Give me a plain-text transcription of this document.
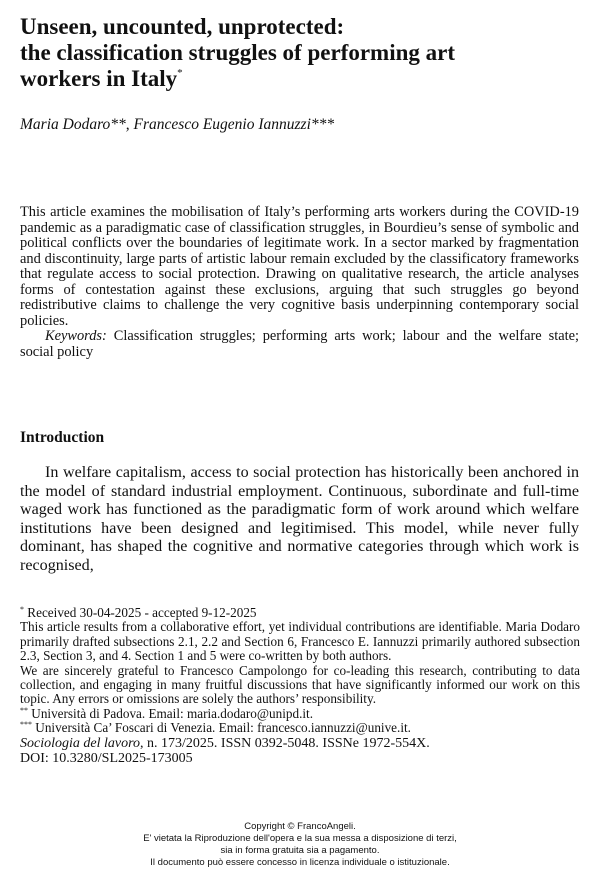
Unseen, uncounted, unprotected:
the classification struggles of performing art
workers in Italy*
Maria Dodaro**, Francesco Eugenio Iannuzzi***

This article examines the mobilisation of Italy’s performing arts workers during the COVID-19 pandemic as a paradigmatic case of classification struggles, in Bourdieu’s sense of symbolic and political conflicts over the boundaries of legitimate work. In a sector marked by fragmentation and discontinuity, large parts of artistic labour remain excluded by the classificatory frameworks that regulate access to social protection. Drawing on qualitative research, the article analyses forms of contestation against these exclusions, arguing that such struggles go beyond redistributive claims to challenge the very cognitive basis underpinning contemporary social policies.

Keywords: Classification struggles; performing arts work; labour and the welfare state; social policy

Introduction

In welfare capitalism, access to social protection has historically been anchored in the model of standard industrial employment. Continuous, subordinate and full-time waged work has functioned as the paradigmatic form of work around which welfare institutions have been designed and legitimised. This model, while never fully dominant, has shaped the cognitive and normative categories through which work is recognised,

* Received 30-04-2025 - accepted 9-12-2025

This article results from a collaborative effort, yet individual contributions are identifiable. Maria Dodaro primarily drafted subsections 2.1, 2.2 and Section 6, Francesco E. Iannuzzi primarily authored subsection 2.3, Section 3, and 4. Section 1 and 5 were co-written by both authors.

We are sincerely grateful to Francesco Campolongo for co-leading this research, contributing to data collection, and engaging in many fruitful discussions that have significantly informed our work on this topic. Any errors or omissions are solely the authors’ responsibility.

** Università di Padova. Email: maria.dodaro@unipd.it.

*** Università Ca’ Foscari di Venezia. Email: francesco.iannuzzi@unive.it.

Sociologia del lavoro, n. 173/2025. ISSN 0392-5048. ISSNe 1972-554X.

DOI: 10.3280/SL2025-173005

Copyright © FrancoAngeli.

E' vietata la Riproduzione dell'opera e la sua messa a disposizione di terzi,

sia in forma gratuita sia a pagamento.

Il documento può essere concesso in licenza individuale o istituzionale.
